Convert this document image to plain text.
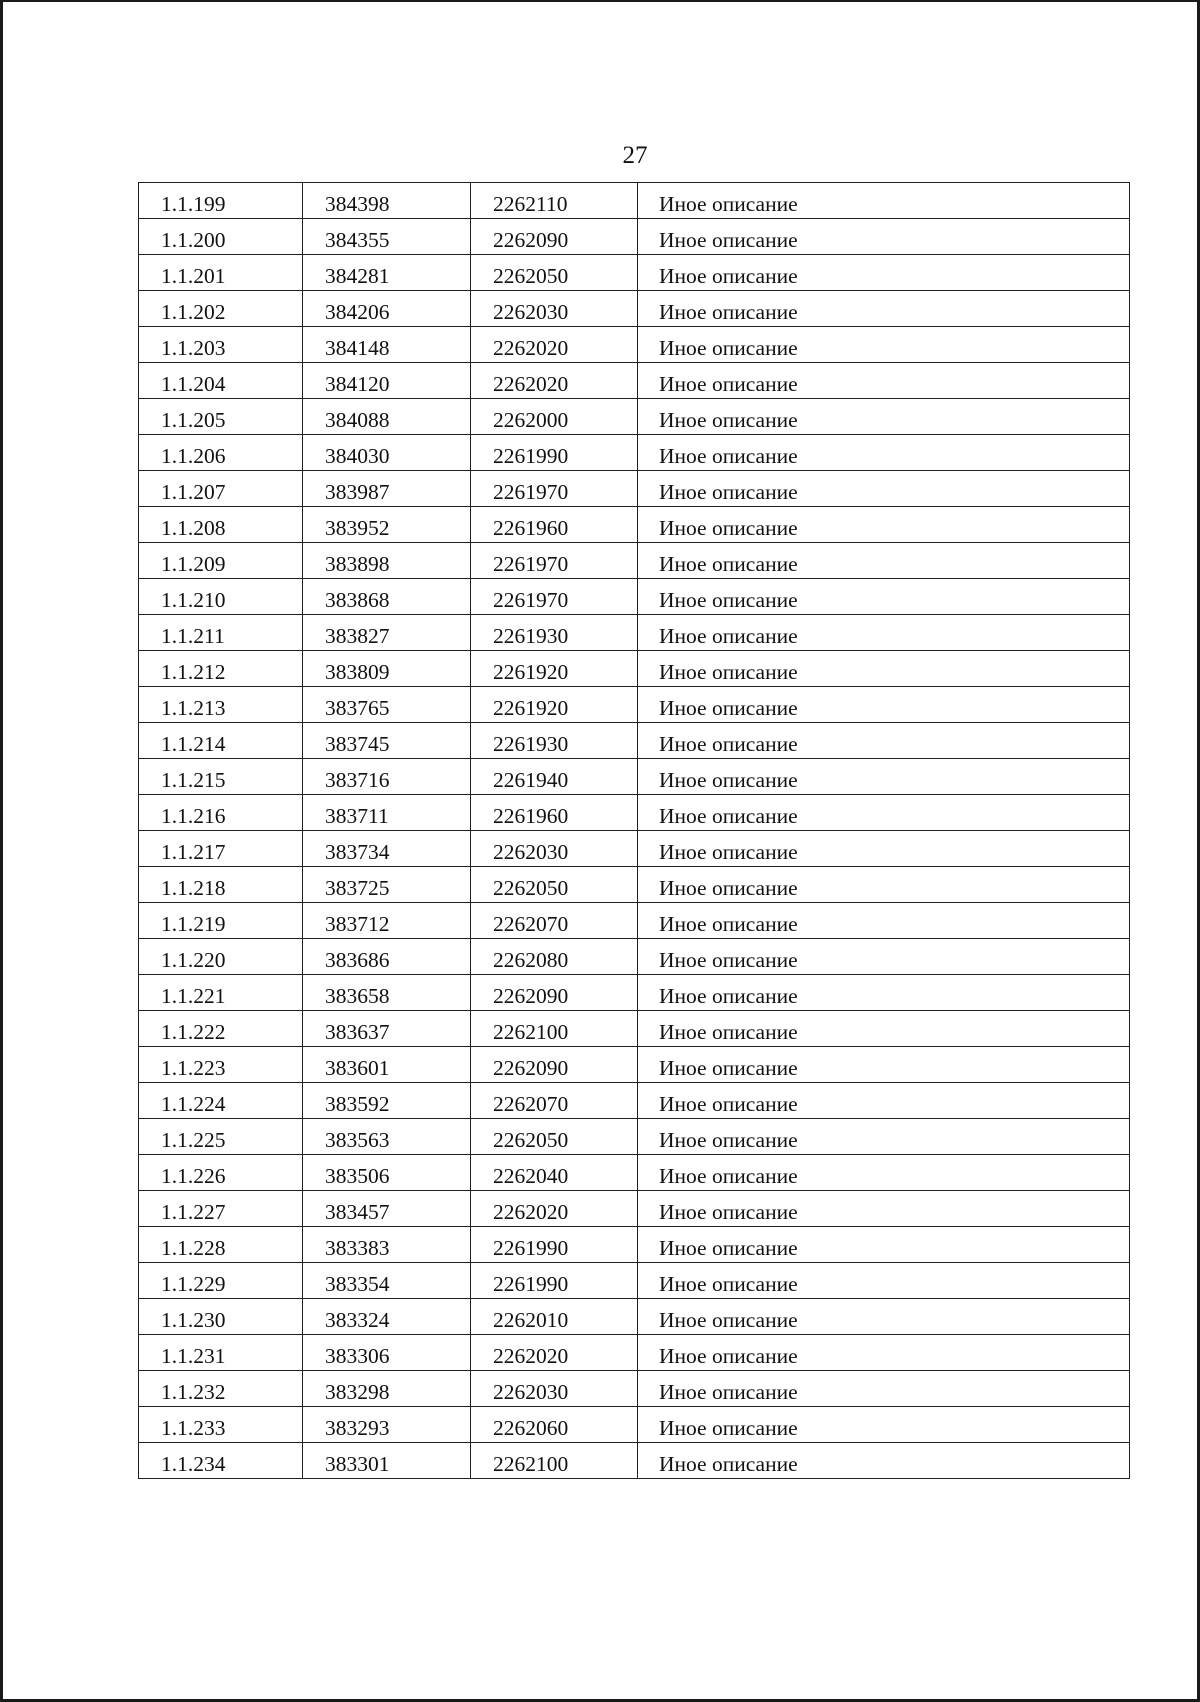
27
1.1.199	384398	2262110	Иное описание
1.1.200	384355	2262090	Иное описание
1.1.201	384281	2262050	Иное описание
1.1.202	384206	2262030	Иное описание
1.1.203	384148	2262020	Иное описание
1.1.204	384120	2262020	Иное описание
1.1.205	384088	2262000	Иное описание
1.1.206	384030	2261990	Иное описание
1.1.207	383987	2261970	Иное описание
1.1.208	383952	2261960	Иное описание
1.1.209	383898	2261970	Иное описание
1.1.210	383868	2261970	Иное описание
1.1.211	383827	2261930	Иное описание
1.1.212	383809	2261920	Иное описание
1.1.213	383765	2261920	Иное описание
1.1.214	383745	2261930	Иное описание
1.1.215	383716	2261940	Иное описание
1.1.216	383711	2261960	Иное описание
1.1.217	383734	2262030	Иное описание
1.1.218	383725	2262050	Иное описание
1.1.219	383712	2262070	Иное описание
1.1.220	383686	2262080	Иное описание
1.1.221	383658	2262090	Иное описание
1.1.222	383637	2262100	Иное описание
1.1.223	383601	2262090	Иное описание
1.1.224	383592	2262070	Иное описание
1.1.225	383563	2262050	Иное описание
1.1.226	383506	2262040	Иное описание
1.1.227	383457	2262020	Иное описание
1.1.228	383383	2261990	Иное описание
1.1.229	383354	2261990	Иное описание
1.1.230	383324	2262010	Иное описание
1.1.231	383306	2262020	Иное описание
1.1.232	383298	2262030	Иное описание
1.1.233	383293	2262060	Иное описание
1.1.234	383301	2262100	Иное описание
